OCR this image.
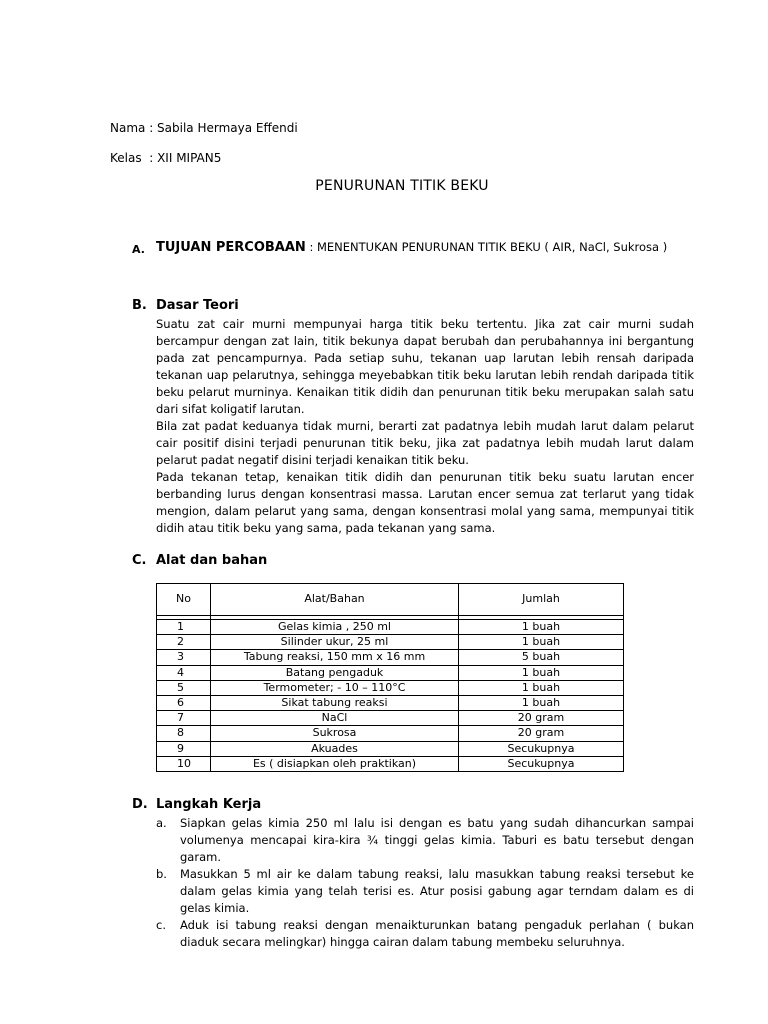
Nama : Sabila Hermaya Effendi
Kelas  : XII MIPAN5
PENURUNAN TITIK BEKU
A. TUJUAN PERCOBAAN : MENENTUKAN PENURUNAN TITIK BEKU ( AIR, NaCl, Sukrosa )
B. Dasar Teori

Suatu zat cair murni mempunyai harga titik beku tertentu. Jika zat cair murni sudah bercampur dengan zat lain, titik bekunya dapat berubah dan perubahannya ini bergantung pada zat pencampurnya. Pada setiap suhu, tekanan uap larutan lebih rensah daripada tekanan uap pelarutnya, sehingga meyebabkan titik beku larutan lebih rendah daripada titik beku pelarut murninya. Kenaikan titik didih dan penurunan titik beku merupakan salah satu dari sifat koligatif larutan.

Bila zat padat keduanya tidak murni, berarti zat padatnya lebih mudah larut dalam pelarut cair positif disini terjadi penurunan titik beku, jika zat padatnya lebih mudah larut dalam pelarut padat negatif disini terjadi kenaikan titik beku.

Pada tekanan tetap, kenaikan titik didih dan penurunan titik beku suatu larutan encer berbanding lurus dengan konsentrasi massa. Larutan encer semua zat terlarut yang tidak mengion, dalam pelarut yang sama, dengan konsentrasi molal yang sama, mempunyai titik didih atau titik beku yang sama, pada tekanan yang sama.

C. Alat dan bahan
No	Alat/Bahan	Jumlah

1	Gelas kimia , 250 ml	1 buah
2	Silinder ukur, 25 ml	1 buah
3	Tabung reaksi, 150 mm x 16 mm	5 buah
4	Batang pengaduk	1 buah
5	Termometer; - 10 – 110°C	1 buah
6	Sikat tabung reaksi	1 buah
7	NaCl	20 gram
8	Sukrosa	20 gram
9	Akuades	Secukupnya
10	Es ( disiapkan oleh praktikan)	Secukupnya
D. Langkah Kerja
a. Siapkan gelas kimia 250 ml lalu isi dengan es batu yang sudah dihancurkan sampai volumenya mencapai kira-kira ¾ tinggi gelas kimia. Taburi es batu tersebut dengan garam.
b. Masukkan 5 ml air ke dalam tabung reaksi, lalu masukkan tabung reaksi tersebut ke dalam gelas kimia yang telah terisi es. Atur posisi gabung agar terndam dalam es di gelas kimia.
c. Aduk isi tabung reaksi dengan menaikturunkan batang pengaduk perlahan ( bukan diaduk secara melingkar) hingga cairan dalam tabung membeku seluruhnya.
